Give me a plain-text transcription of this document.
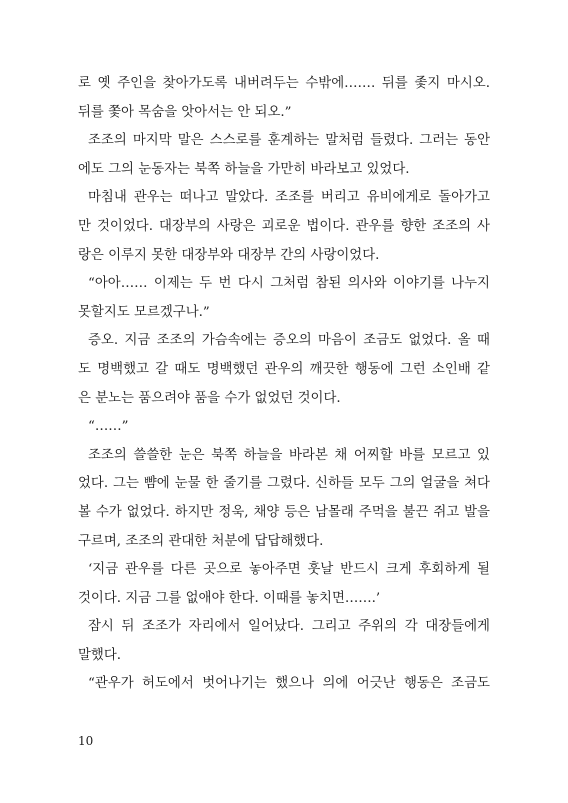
로 옛 주인을 찾아가도록 내버려두는 수밖에……. 뒤를 좇지 마시오.
뒤를 쫓아 목숨을 앗아서는 안 되오.”
조조의 마지막 말은 스스로를 훈계하는 말처럼 들렸다. 그러는 동안
에도 그의 눈동자는 북쪽 하늘을 가만히 바라보고 있었다.
마침내 관우는 떠나고 말았다. 조조를 버리고 유비에게로 돌아가고
만 것이었다. 대장부의 사랑은 괴로운 법이다. 관우를 향한 조조의 사
랑은 이루지 못한 대장부와 대장부 간의 사랑이었다.
“아아…… 이제는 두 번 다시 그처럼 참된 의사와 이야기를 나누지
못할지도 모르겠구나.”
증오. 지금 조조의 가슴속에는 증오의 마음이 조금도 없었다. 올 때
도 명백했고 갈 때도 명백했던 관우의 깨끗한 행동에 그런 소인배 같
은 분노는 품으려야 품을 수가 없었던 것이다.
“……”
조조의 쓸쓸한 눈은 북쪽 하늘을 바라본 채 어찌할 바를 모르고 있
었다. 그는 뺨에 눈물 한 줄기를 그렸다. 신하들 모두 그의 얼굴을 쳐다
볼 수가 없었다. 하지만 정욱, 채양 등은 남몰래 주먹을 불끈 쥐고 발을
구르며, 조조의 관대한 처분에 답답해했다.
‘지금 관우를 다른 곳으로 놓아주면 훗날 반드시 크게 후회하게 될
것이다. 지금 그를 없애야 한다. 이때를 놓치면…….’
잠시 뒤 조조가 자리에서 일어났다. 그리고 주위의 각 대장들에게
말했다.
“관우가 허도에서 벗어나기는 했으나 의에 어긋난 행동은 조금도
10
